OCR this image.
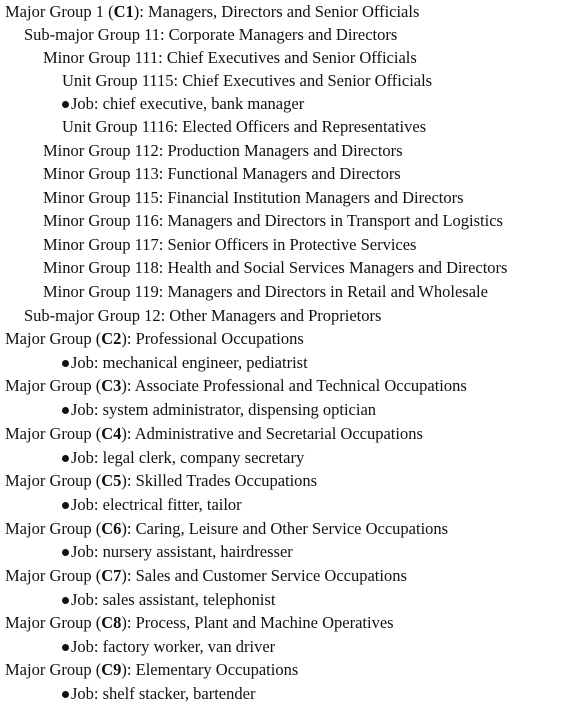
Major Group 1 (C1): Managers, Directors and Senior Officials
Sub-major Group 11: Corporate Managers and Directors
Minor Group 111: Chief Executives and Senior Officials
Unit Group 1115: Chief Executives and Senior Officials
Job: chief executive, bank manager
Unit Group 1116: Elected Officers and Representatives
Minor Group 112: Production Managers and Directors
Minor Group 113: Functional Managers and Directors
Minor Group 115: Financial Institution Managers and Directors
Minor Group 116: Managers and Directors in Transport and Logistics
Minor Group 117: Senior Officers in Protective Services
Minor Group 118: Health and Social Services Managers and Directors
Minor Group 119: Managers and Directors in Retail and Wholesale
Sub-major Group 12: Other Managers and Proprietors
Major Group (C2): Professional Occupations
Job: mechanical engineer, pediatrist
Major Group (C3): Associate Professional and Technical Occupations
Job: system administrator, dispensing optician
Major Group (C4): Administrative and Secretarial Occupations
Job: legal clerk, company secretary
Major Group (C5): Skilled Trades Occupations
Job: electrical fitter, tailor
Major Group (C6): Caring, Leisure and Other Service Occupations
Job: nursery assistant, hairdresser
Major Group (C7): Sales and Customer Service Occupations
Job: sales assistant, telephonist
Major Group (C8): Process, Plant and Machine Operatives
Job: factory worker, van driver
Major Group (C9): Elementary Occupations
Job: shelf stacker, bartender
